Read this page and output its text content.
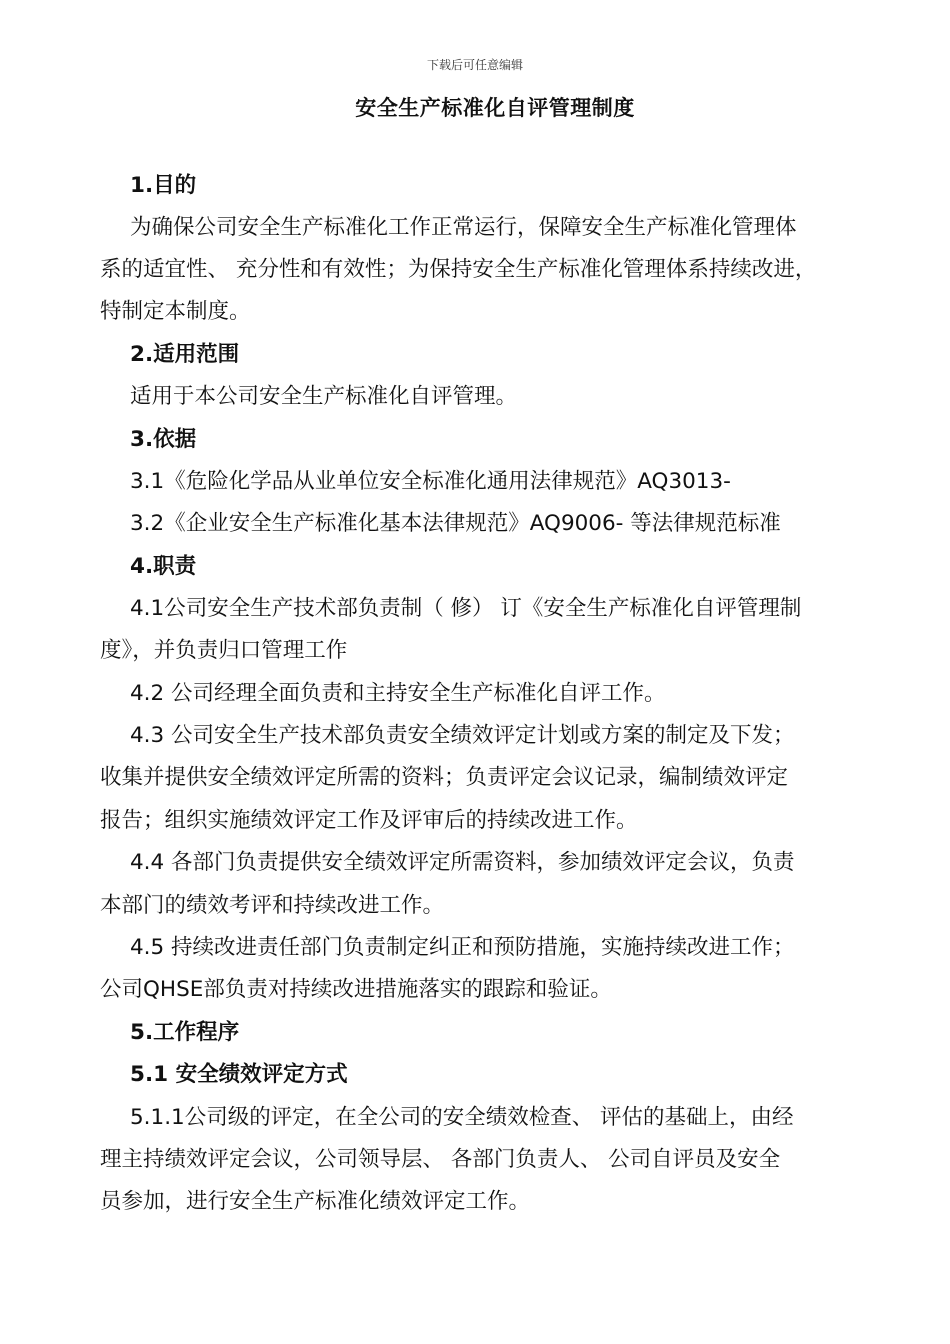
下载后可任意编辑
安全生产标准化自评管理制度
1.目的
为确保公司安全生产标准化工作正常运行，保障安全生产标准化管理体
系的适宜性、 充分性和有效性；为保持安全生产标准化管理体系持续改进，
特制定本制度。
2.适用范围
适用于本公司安全生产标准化自评管理。
3.依据
3.1《危险化学品从业单位安全标准化通用法律规范》AQ3013-
3.2《企业安全生产标准化基本法律规范》AQ9006- 等法律规范标准
4.职责
4.1公司安全生产技术部负责制（ 修） 订《安全生产标准化自评管理制
度》，并负责归口管理工作
4.2 公司经理全面负责和主持安全生产标准化自评工作。
4.3 公司安全生产技术部负责安全绩效评定计划或方案的制定及下发；
收集并提供安全绩效评定所需的资料；负责评定会议记录，编制绩效评定
报告；组织实施绩效评定工作及评审后的持续改进工作。
4.4 各部门负责提供安全绩效评定所需资料，参加绩效评定会议，负责
本部门的绩效考评和持续改进工作。
4.5 持续改进责任部门负责制定纠正和预防措施，实施持续改进工作；
公司QHSE部负责对持续改进措施落实的跟踪和验证。
5.工作程序
5.1 安全绩效评定方式
5.1.1公司级的评定，在全公司的安全绩效检查、 评估的基础上，由经
理主持绩效评定会议，公司领导层、 各部门负责人、 公司自评员及安全
员参加，进行安全生产标准化绩效评定工作。
